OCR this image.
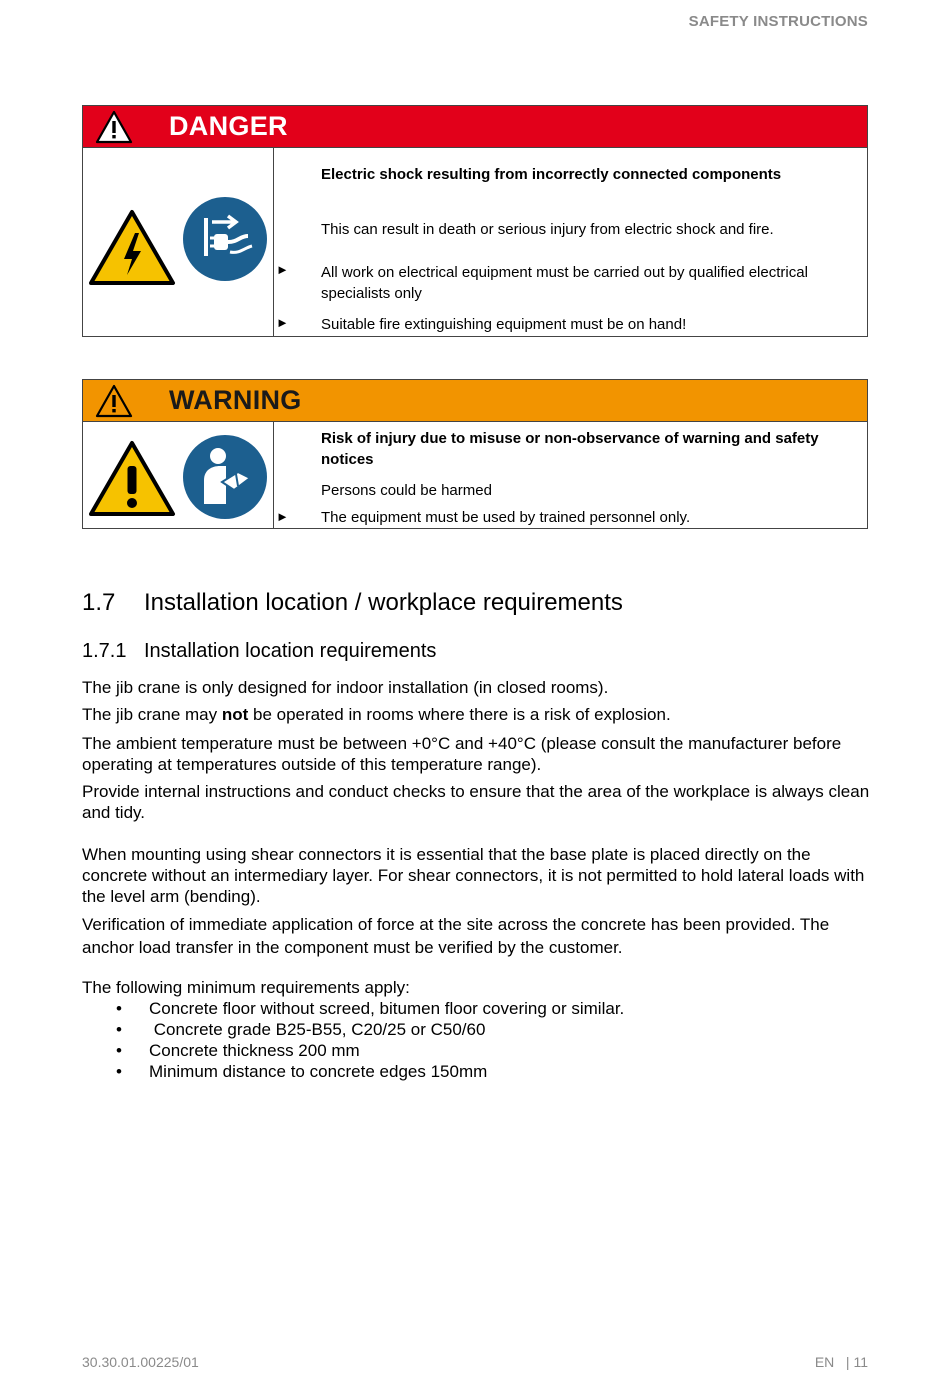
SAFETY INSTRUCTIONS
DANGER
►
►
Electric shock resulting from incorrectly connected components
This can result in death or serious injury from electric shock and fire.
All work on electrical equipment must be carried out by qualified electrical specialists only
Suitable fire extinguishing equipment must be on hand!
WARNING
►
Risk of injury due to misuse or non-observance of warning and safety notices
Persons could be harmed
The equipment must be used by trained personnel only.
1.7 Installation location / workplace requirements
1.7.1 Installation location requirements
The jib crane is only designed for indoor installation (in closed rooms).
The jib crane may not be operated in rooms where there is a risk of explosion.
The ambient temperature must be between +0°C and +40°C (please consult the manufacturer before operating at temperatures outside of this temperature range).
Provide internal instructions and conduct checks to ensure that the area of the workplace is always clean and tidy.
When mounting using shear connectors it is essential that the base plate is placed directly on the concrete without an intermediary layer. For shear connectors, it is not permitted to hold lateral loads with the level arm (bending).
Verification of immediate application of force at the site across the concrete has been provided. The anchor load transfer in the component must be verified by the customer.
The following minimum requirements apply:
• Concrete floor without screed, bitumen floor covering or similar.
•  Concrete grade B25-B55, C20/25 or C50/60
• Concrete thickness 200 mm
• Minimum distance to concrete edges 150mm
30.30.01.00225/01	EN   | 11
